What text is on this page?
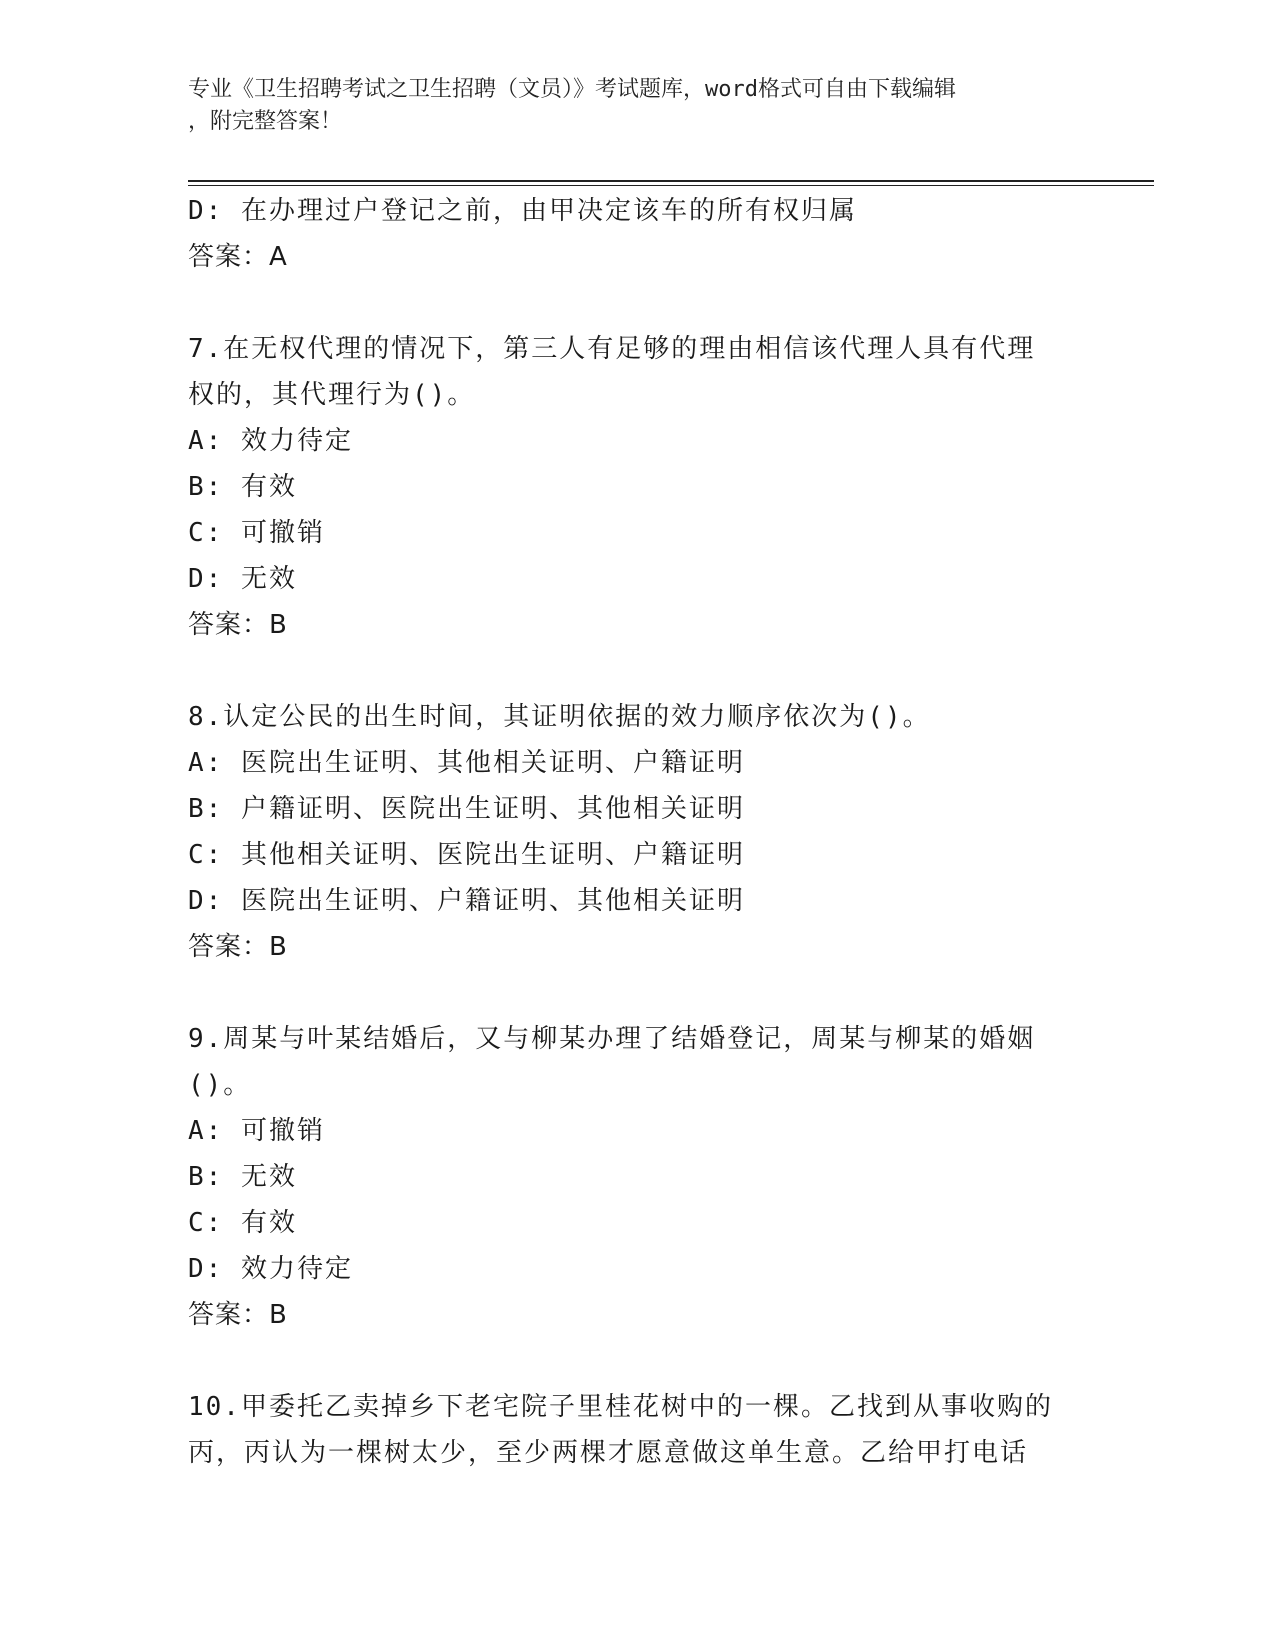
专业《卫生招聘考试之卫生招聘（文员）》考试题库，word格式可自由下载编辑
，附完整答案！
D: 在办理过户登记之前，由甲决定该车的所有权归属
答案：A
7.在无权代理的情况下，第三人有足够的理由相信该代理人具有代理
权的，其代理行为()。
A: 效力待定
B: 有效
C: 可撤销
D: 无效
答案：B
8.认定公民的出生时间，其证明依据的效力顺序依次为()。
A: 医院出生证明、其他相关证明、户籍证明
B: 户籍证明、医院出生证明、其他相关证明
C: 其他相关证明、医院出生证明、户籍证明
D: 医院出生证明、户籍证明、其他相关证明
答案：B
9.周某与叶某结婚后，又与柳某办理了结婚登记，周某与柳某的婚姻
()。
A: 可撤销
B: 无效
C: 有效
D: 效力待定
答案：B
10.甲委托乙卖掉乡下老宅院子里桂花树中的一棵。乙找到从事收购的
丙，丙认为一棵树太少，至少两棵才愿意做这单生意。乙给甲打电话
